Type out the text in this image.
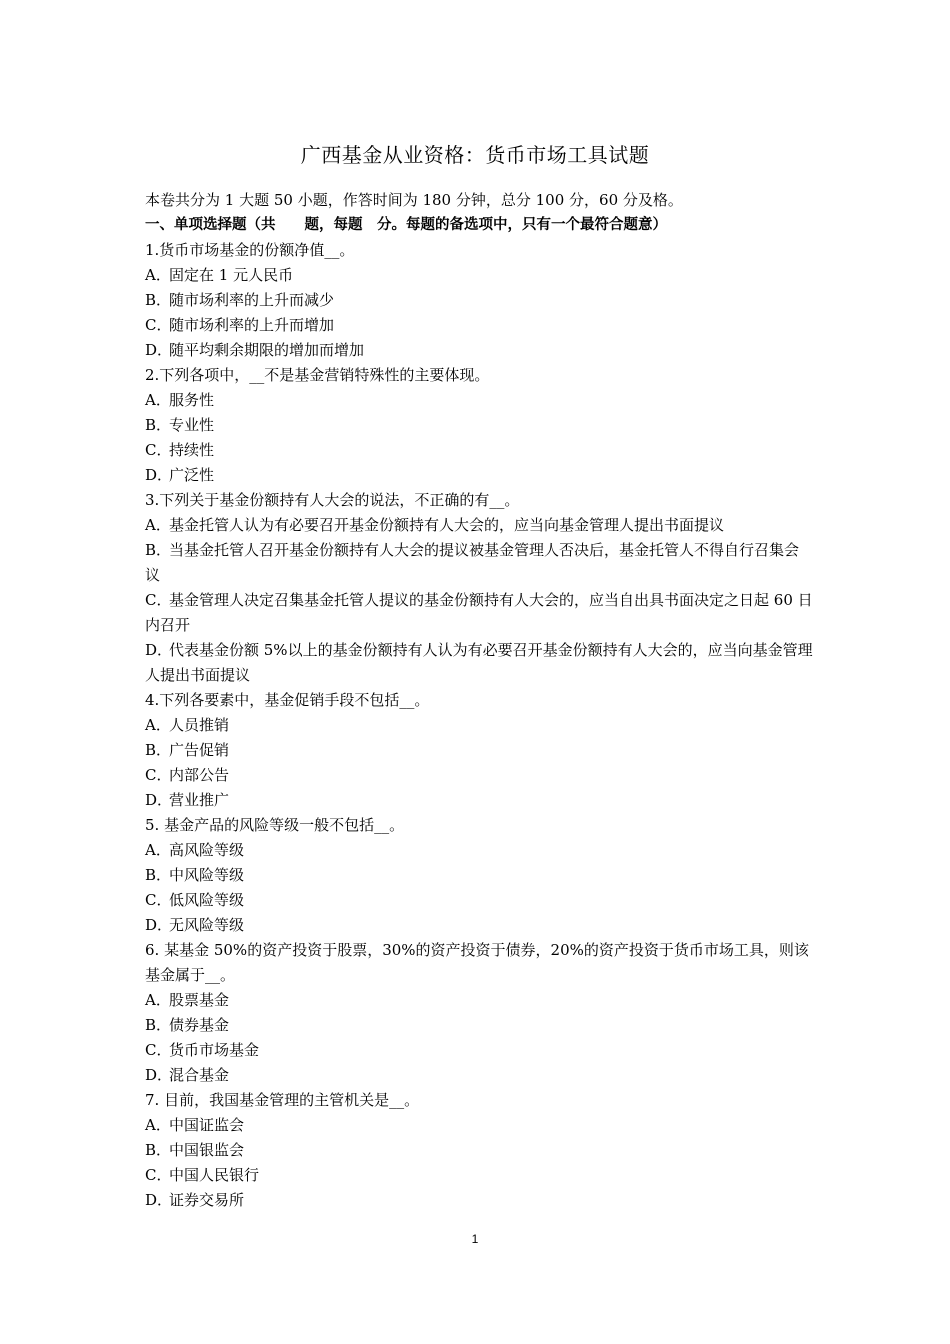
广西基金从业资格：货币市场工具试题
本卷共分为 1 大题 50 小题，作答时间为 180 分钟，总分 100 分，60 分及格。
一、单项选择题（共　　题，每题　分。每题的备选项中，只有一个最符合题意）
1.货币市场基金的份额净值__。
A．固定在 1 元人民币
B．随市场利率的上升而减少
C．随市场利率的上升而增加
D．随平均剩余期限的增加而增加
2.下列各项中，__不是基金营销特殊性的主要体现。
A．服务性
B．专业性
C．持续性
D．广泛性
3.下列关于基金份额持有人大会的说法，不正确的有__。
A．基金托管人认为有必要召开基金份额持有人大会的，应当向基金管理人提出书面提议
B．当基金托管人召开基金份额持有人大会的提议被基金管理人否决后，基金托管人不得自行召集会议
C．基金管理人决定召集基金托管人提议的基金份额持有人大会的，应当自出具书面决定之日起 60 日内召开
D．代表基金份额 5%以上的基金份额持有人认为有必要召开基金份额持有人大会的，应当向基金管理人提出书面提议
4.下列各要素中，基金促销手段不包括__。
A．人员推销
B．广告促销
C．内部公告
D．营业推广
5. 基金产品的风险等级一般不包括__。
A．高风险等级
B．中风险等级
C．低风险等级
D．无风险等级
6. 某基金 50%的资产投资于股票，30%的资产投资于债券，20%的资产投资于货币市场工具，则该基金属于__。
A．股票基金
B．债券基金
C．货币市场基金
D．混合基金
7. 目前，我国基金管理的主管机关是__。
A．中国证监会
B．中国银监会
C．中国人民银行
D．证券交易所
1
